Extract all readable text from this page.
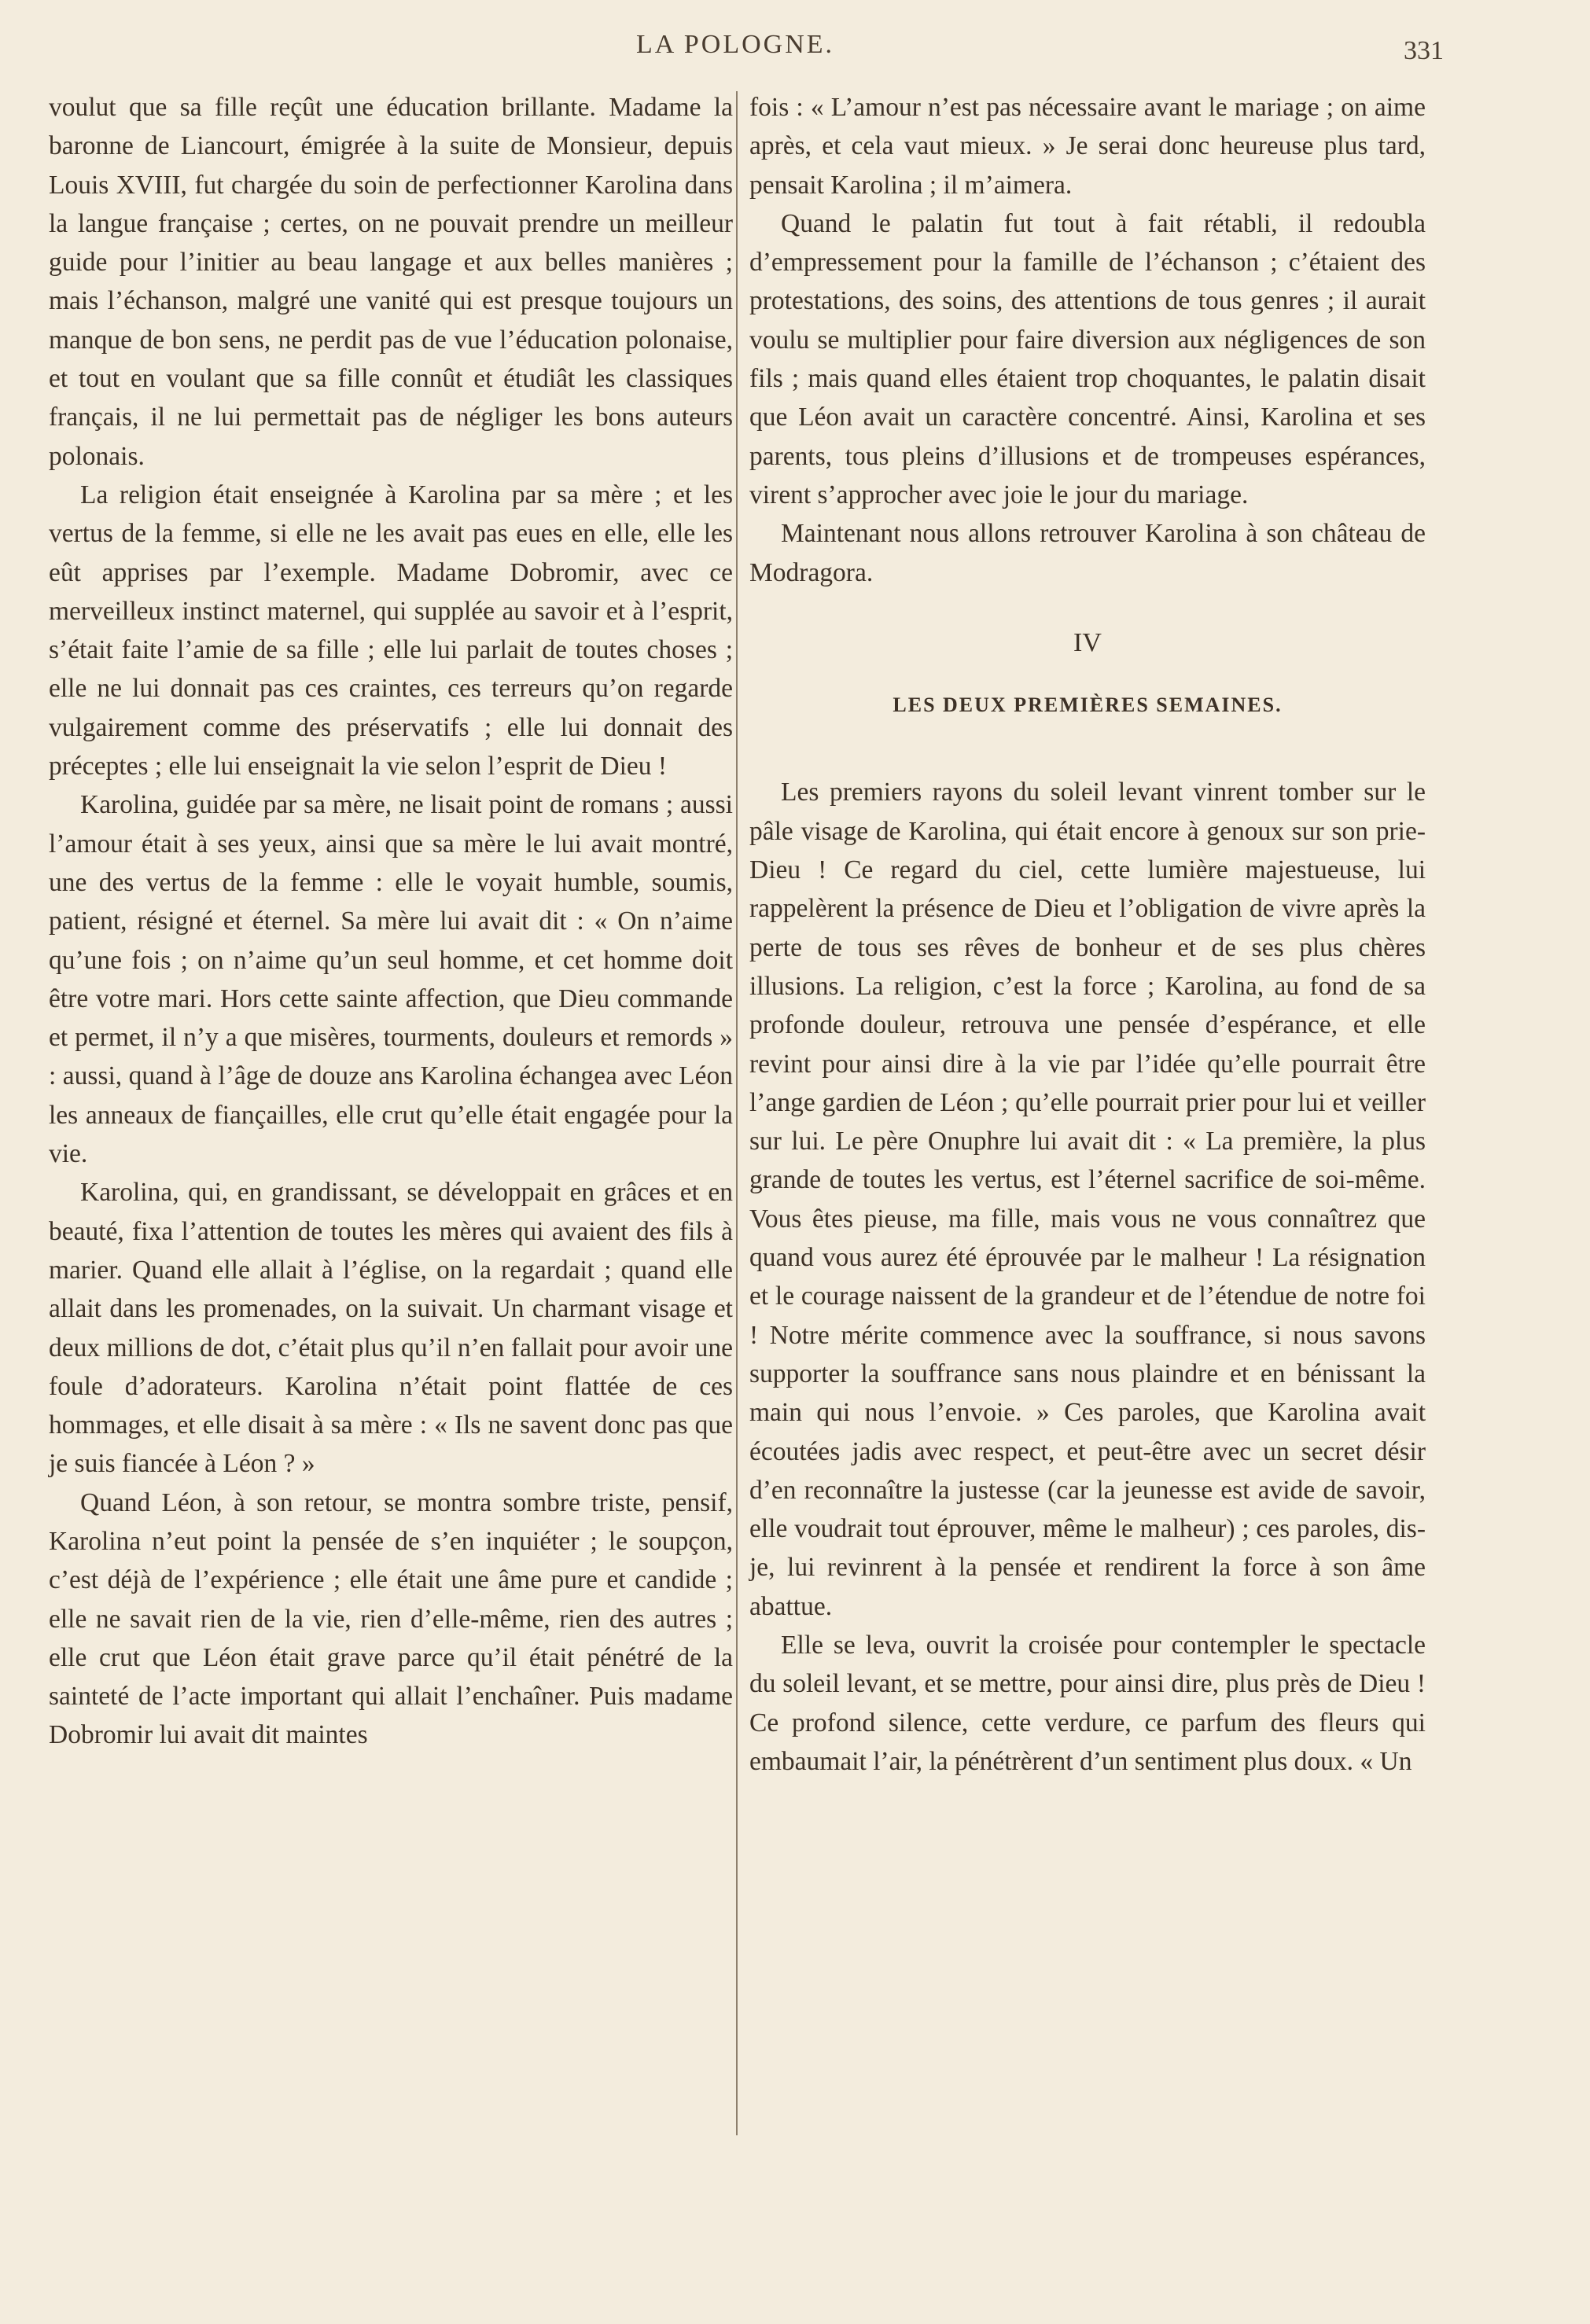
LA POLOGNE.	331

voulut que sa fille reçût une éducation brillante. Madame la baronne de Liancourt, émigrée à la suite de Monsieur, depuis Louis XVIII, fut chargée du soin de perfectionner Karolina dans la langue française ; certes, on ne pouvait prendre un meilleur guide pour l’initier au beau langage et aux belles manières ; mais l’échanson, malgré une vanité qui est presque toujours un manque de bon sens, ne perdit pas de vue l’éducation polonaise, et tout en voulant que sa fille connût et étudiât les classiques français, il ne lui permettait pas de négliger les bons auteurs polonais.

La religion était enseignée à Karolina par sa mère ; et les vertus de la femme, si elle ne les avait pas eues en elle, elle les eût apprises par l’exemple. Madame Dobromir, avec ce merveilleux instinct maternel, qui supplée au savoir et à l’esprit, s’était faite l’amie de sa fille ; elle lui parlait de toutes choses ; elle ne lui donnait pas ces craintes, ces terreurs qu’on regarde vulgairement comme des préservatifs ; elle lui donnait des préceptes ; elle lui enseignait la vie selon l’esprit de Dieu !

Karolina, guidée par sa mère, ne lisait point de romans ; aussi l’amour était à ses yeux, ainsi que sa mère le lui avait montré, une des vertus de la femme : elle le voyait humble, soumis, patient, résigné et éternel. Sa mère lui avait dit : « On n’aime qu’une fois ; on n’aime qu’un seul homme, et cet homme doit être votre mari. Hors cette sainte affection, que Dieu commande et permet, il n’y a que misères, tourments, douleurs et remords » : aussi, quand à l’âge de douze ans Karolina échangea avec Léon les anneaux de fiançailles, elle crut qu’elle était engagée pour la vie.

Karolina, qui, en grandissant, se développait en grâces et en beauté, fixa l’attention de toutes les mères qui avaient des fils à marier. Quand elle allait à l’église, on la regardait ; quand elle allait dans les promenades, on la suivait. Un charmant visage et deux millions de dot, c’était plus qu’il n’en fallait pour avoir une foule d’adorateurs. Karolina n’était point flattée de ces hommages, et elle disait à sa mère : « Ils ne savent donc pas que je suis fiancée à Léon ? »

Quand Léon, à son retour, se montra sombre triste, pensif, Karolina n’eut point la pensée de s’en inquiéter ; le soupçon, c’est déjà de l’expérience ; elle était une âme pure et candide ; elle ne savait rien de la vie, rien d’elle-même, rien des autres ; elle crut que Léon était grave parce qu’il était pénétré de la sainteté de l’acte important qui allait l’enchaîner. Puis madame Dobromir lui avait dit maintes

fois : « L’amour n’est pas nécessaire avant le mariage ; on aime après, et cela vaut mieux. » Je serai donc heureuse plus tard, pensait Karolina ; il m’aimera.

Quand le palatin fut tout à fait rétabli, il redoubla d’empressement pour la famille de l’échanson ; c’étaient des protestations, des soins, des attentions de tous genres ; il aurait voulu se multiplier pour faire diversion aux négligences de son fils ; mais quand elles étaient trop choquantes, le palatin disait que Léon avait un caractère concentré. Ainsi, Karolina et ses parents, tous pleins d’illusions et de trompeuses espérances, virent s’approcher avec joie le jour du mariage.

Maintenant nous allons retrouver Karolina à son château de Modragora.

IV
LES DEUX PREMIÈRES SEMAINES.

Les premiers rayons du soleil levant vinrent tomber sur le pâle visage de Karolina, qui était encore à genoux sur son prie-Dieu ! Ce regard du ciel, cette lumière majestueuse, lui rappelèrent la présence de Dieu et l’obligation de vivre après la perte de tous ses rêves de bonheur et de ses plus chères illusions. La religion, c’est la force ; Karolina, au fond de sa profonde douleur, retrouva une pensée d’espérance, et elle revint pour ainsi dire à la vie par l’idée qu’elle pourrait être l’ange gardien de Léon ; qu’elle pourrait prier pour lui et veiller sur lui. Le père Onuphre lui avait dit : « La première, la plus grande de toutes les vertus, est l’éternel sacrifice de soi-même. Vous êtes pieuse, ma fille, mais vous ne vous connaîtrez que quand vous aurez été éprouvée par le malheur ! La résignation et le courage naissent de la grandeur et de l’étendue de notre foi ! Notre mérite commence avec la souffrance, si nous savons supporter la souffrance sans nous plaindre et en bénissant la main qui nous l’envoie. » Ces paroles, que Karolina avait écoutées jadis avec respect, et peut-être avec un secret désir d’en reconnaître la justesse (car la jeunesse est avide de savoir, elle voudrait tout éprouver, même le malheur) ; ces paroles, dis-je, lui revinrent à la pensée et rendirent la force à son âme abattue.

Elle se leva, ouvrit la croisée pour contempler le spectacle du soleil levant, et se mettre, pour ainsi dire, plus près de Dieu ! Ce profond silence, cette verdure, ce parfum des fleurs qui embaumait l’air, la pénétrèrent d’un sentiment plus doux. « Un
